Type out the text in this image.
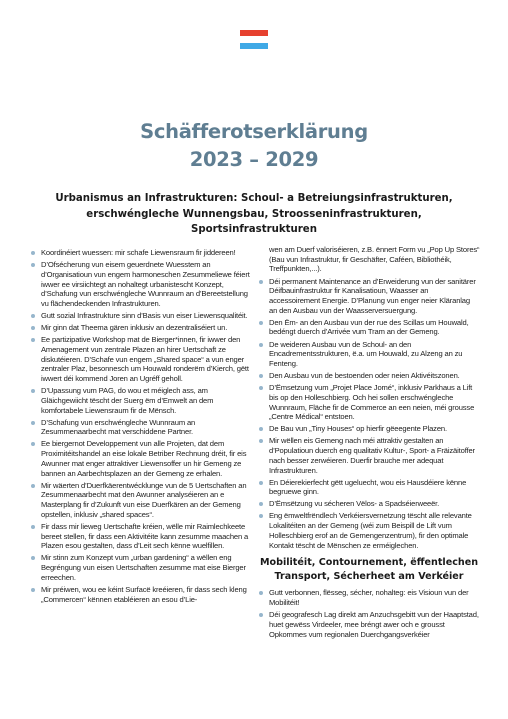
Schäfferotserklärung
2023 – 2029
Urbanismus an Infrastrukturen: Schoul- a Betreiungsinfrastrukturen, erschwéngleche Wunnengsbau, Stroosseninfrastrukturen, Sportsinfrastrukturen
Koordinéiert wuessen: mir schafe Liewensraum fir jiddereen!
D’Ofsécherung vun eisem geuerdnete Wuesstem an d’Organisatioun vun engem harmoneschen Zesummeliewe féiert iwwer ee virsiichtegt an nohaltegt urbanistescht Konzept, d’Schafung vun erschwéngleche Wunnraum an d’Bereetstellung vu flächendeckenden Infrastrukturen.
Gutt sozial Infrastrukture sinn d’Basis vun eiser Liewensqualitéit.
Mir ginn dat Theema gären inklusiv an dezentraliséiert un.
Ee partizipative Workshop mat de Bierger*innen, fir iwwer den Amenagement vun zentrale Plazen an hirer Uertschaft ze diskutéieren. D’Schafe vun engem „Shared space“ a vun enger zentraler Plaz, besonnesch um Houwald ronderëm d’Kierch, gëtt iwwert déi kommend Joren an Ugréff geholl.
D’Upassung vum PAG, do wou et méiglech ass, am Gläichgewiicht tëscht der Suerg ëm d’Emwelt an dem komfortabele Liewensraum fir de Mënsch.
D’Schafung vun erschwéngleche Wunnraum an Zesummenaarbecht mat verschiddene Partner.
Ee biergernot Developpement vun alle Projeten, dat dem Proximitéitshandel an eise lokale Betriber Rechnung dréit, fir eis Awunner mat enger attraktiver Liewensoffer un hir Gemeng ze bannen an Aarbechtsplazen an der Gemeng ze erhalen.
Mir wäerten d’Duerfkäerentwécklunge vun de 5 Uertschaften an Zesummenaarbecht mat den Awunner analyséieren an e Masterplang fir d’Zukunft vun eise Duerfkären an der Gemeng opstellen, inklusiv „shared spaces“.
Fir dass mir lieweg Uertschafte kréien, wëlle mir Raimlechkeete bereet stellen, fir dass een Aktivitéite kann zesumme maachen a Plazen esou gestalten, dass d’Leit sech kënne wuelfillen.
Mir stinn zum Konzept vum „urban gardening“ a wëllen eng Begréngung vun eisen Uertschaften zesumme mat eise Bierger erreechen.
Mir préiwen, wou ee kéint Surfacë kreéieren, fir dass sech kleng „Commercen“ kënnen etabléieren an esou d’Lie-
wen am Duerf valoriséieren, z.B. ënnert Form vu „Pop Up Stores“ (Bau vun Infrastruktur, fir Geschäfter, Caféen, Bibliothéik, Treffpunkten,...).
Déi permanent Maintenance an d’Erweiderung vun der sanitärer Déifbauinfrastruktur fir Kanalisatioun, Waasser an accessoirement Energie. D’Planung vun enger neier Kläranlag an den Ausbau vun der Waasserversuergung.
Den Ëm- an den Ausbau vun der rue des Scillas um Houwald, bedéngt duerch d’Arrivée vum Tram an der Gemeng.
De weideren Ausbau vun de Schoul- an den Encadrementsstrukturen, ë.a. um Houwald, zu Alzeng an zu Fenteng.
Den Ausbau vun de bestoenden oder neien Aktivéitszonen.
D’Ëmsetzung vum „Projet Place Jomé“, inklusiv Parkhaus a Lift bis op den Holleschbierg. Och hei sollen erschwéngleche Wunnraum, Fläche fir de Commerce an een neien, méi grousse „Centre Médical“ entstoen.
De Bau vun „Tiny Houses“ op hierfir gëeegente Plazen.
Mir wëllen eis Gemeng nach méi attraktiv gestalten an d’Populatioun duerch eng qualitativ Kultur-, Sport- a Fräizäitoffer nach besser zerwéieren. Duerfir brauche mer adequat Infrastrukturen.
En Déierekierfecht gëtt ugeluecht, wou eis Hausdéiere kënne begruewe ginn.
D’Ëmsëtzung vu sécheren Vëlos- a Spadséierweeër.
Eng ëmweltfrëndlech Verkéiersvernetzung tëscht alle relevante Lokalitéiten an der Gemeng (wéi zum Beispill de Lift vum Holleschbierg erof an de Gemengenzentrum), fir den optimale Kontakt tëscht de Mënschen ze erméiglechen.
Mobilitéit, Contournement, ëffentlechen Transport, Sécherheet am Verkéier
Gutt verbonnen, flësseg, sécher, nohalteg: eis Visioun vun der Mobilitéit!
Déi geografesch Lag direkt am Anzuchsgebitt vun der Haaptstad, huet gewëss Virdeeler, mee bréngt awer och e grousst Opkommes vum regionalen Duerchgangsverkéier
